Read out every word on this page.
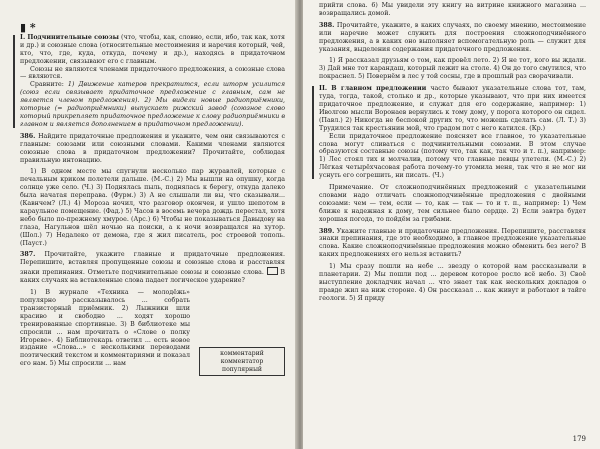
▮ *

I. Подчинительные союзы (что, чтобы, как, словно, если, ибо, так как, хотя и др.) и союзные слова (относительные местоимения и наречия который, чей, кто, что, где, куда, откуда, почему и др.), находясь в придаточном предложении, связывают его с главным.

Союзы не являются членами придаточного предложения, а союзные слова — являются.

Сравните: 1) Движение катеров прекратится, если шторм усилится (союз если связывает придаточное предложение с главным, сам не является членом предложения). 2) Мы видели новые радиоприёмники, которые (= радиоприёмники) выпускает рижский завод (союзное слово который прикрепляет придаточное предложение к слову радиоприёмники в главном и является дополнением в придаточном предложении).

386. Найдите придаточные предложения и укажите, чем они связываются с главным: союзами или союзными словами. Какими членами являются союзные слова в придаточном предложении? Прочитайте, соблюдая правильную интонацию.

1) В одном месте мы спугнули несколько пар журавлей, которые с печальным криком полетели дальше. (М.-С.) 2) Мы вышли на опушку, когда солнце уже село. (Ч.) 3) Поднялась пыль, поднялась к берегу, откуда далеко была начатая переправа. (Фурм.) 3) А не слышали ли вы, что сказывали... (Кавнчем? (Л.) 4) Мороза ночил, что разговор окончен, и ушло шепотом в караульное помещение. (Фад.) 5) Часов в восемь вечера дождь перестал, хотя небо было по-прежнему хмурое. (Арс.) 6) Чтобы не показываться Давыдову на глаза, Нагульнов шёл ночью на поиски, а к ночи возвращался на хутор. (Шол.) 7) Недалеко от демона, где я жил писатель, рос строевой тополь. (Пауст.)

387. Прочитайте, укажите главные и придаточные предложения. Перепишите, вставляя пропущенные союзы и союзные слова и расставляя знаки препинания. Отметьте подчинительные союзы и союзные слова.	В каких случаях на вставленные слова падает логическое ударение?

1) В журнале «Техника — молодёжь» популярно рассказывалось ... собрать транзисторный приёмник. 2) Лыжники шли красиво и свободно ... ходят хорошо тренированные спортивные. 3) В библиотеке мы спросили ... нам прочитать о «Слове о полку Игореве». 4) Библиотекарь ответил ... есть новое издание «Слова...» с несколькими переводами поэтический текстом и комментариями и показал его нам. 5) Мы спросили ... нам

комментарий
комментатор
популярный

прийти слова. 6) Мы увидели эту книгу на витрине книжного магазина ... возвращались домой.

388. Прочитайте, укажите, в каких случаях, по своему мнению, местоимение или наречие может служить для построения сложноподчинённого предложения, а в каких оно выполняет вспомогательную роль — служит для указания, выделения содержания придаточного предложения.

1) Я рассказал друзьям о том, как провёл лето. 2) Я не тот, кого вы ждали. 3) Дай мне тот карандаш, который лежит на столе. 4) Он до того смутился, что покраснел. 5) Повернём в лес у той сосны, где в прошлый раз сворачивали.

II. В главном предложении часто бывают указательные слова тот, там, туда, тогда, такой, столько и др., которые указывают, что при них имеется придаточное предложение, и служат для его содержание, например: 1) Иволгою мысли Воронаев вернулись к тому дому, у порога которого он сидел. (Павл.) 2) Никогда не беспокой других то, что можешь сделать сам. (Л. Т.) 3) Трудился так крестьянин мой, что градом пот с него катился. (Кр.)

Если придаточное предложение поясняет все главное, то указательные слова могут сливаться с подчинительными союзами. В этом случае образуются составные союзы (потому что, так как, так что и т. п.), например: 1) Лес стоял тих и молчалив, потому что главные певцы улетели. (М.-С.) 2) Лёгкая четырёхчасовая работа почему-то утомила меня, так что я не мог ни уснуть его согрешить, ни писать. (Ч.)

Примечание. От сложноподчинённых предложений с указательными словами надо отличать сложноподчинённые предложения с двойными союзами: чем — тем, если — то, как — так — то и т. п., например: 1) Чем ближе к надежная к дому, тем сильнее было сердце. 2) Если завтра будет хорошая погода, то пойдём за грибами.

389. Укажите главные и придаточные предложения. Перепишите, расставляя знаки препинания, где это необходимо, в главное предложение указательные слова. Какие сложноподчинённые предложения можно обменить без него? В каких предложениях его нельзя вставить?

1) Мы сразу пошли на небе ... звезду о которой нам рассказывали в планетарии. 2) Мы пошли под ... деревом которое росло всё небо. 3) Своё выступление докладчик начал ... что знает так как нескольких докладов о правде жил на ниж стороне. 4) Он рассказал ... как живут и работают в тайге геологи. 5) Я приду

179
